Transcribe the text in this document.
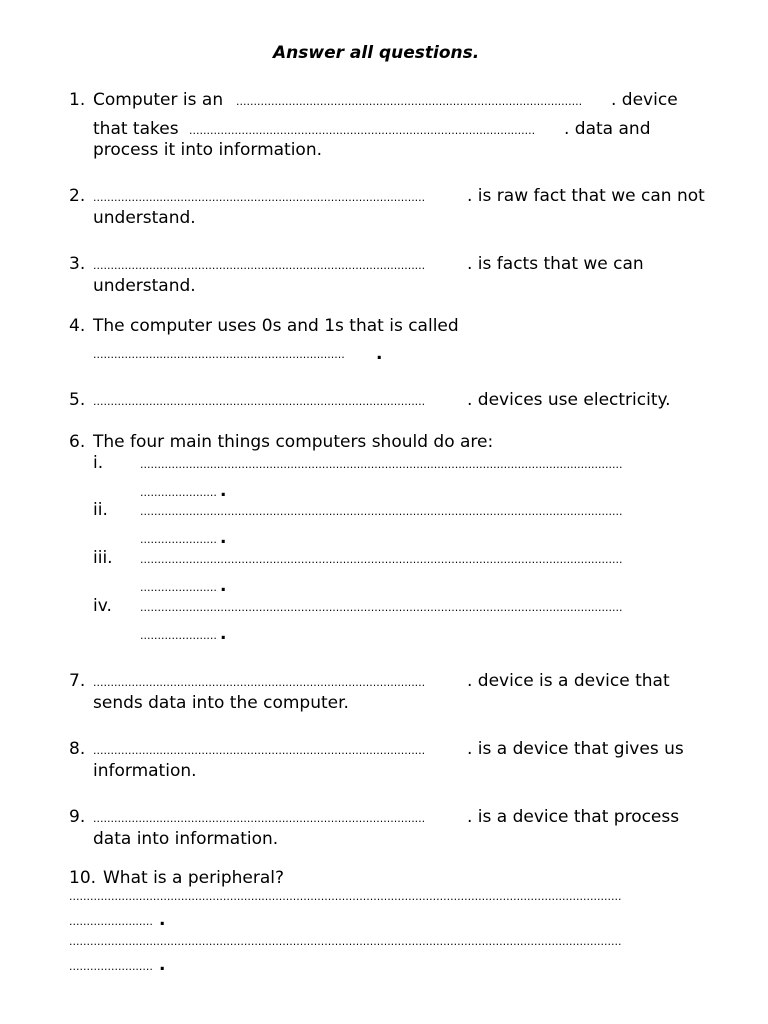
Answer all questions.
1. Computer is an ...................................................................................................	. device
that takes ...................................................................................................	. data and
process it into information.
2. ...............................................................................................	. is raw fact that we can not
understand.
3. ...............................................................................................	. is facts that we can
understand.
4. The computer uses 0s and 1s that is called
........................................................................	.
5. ...............................................................................................	. devices use electricity.
6. The four main things computers should do are:
i.	..........................................................................................................................................
...................... .
ii.	..........................................................................................................................................
...................... .
iii. ..........................................................................................................................................
...................... .
iv.	..........................................................................................................................................
...................... .
7. ...............................................................................................	. device is a device that
sends data into the computer.
8. ...............................................................................................	. is a device that gives us
information.
9. ...............................................................................................	. is a device that process
data into information.
10. What is a peripheral?
..............................................................................................................................................................
........................ .
..............................................................................................................................................................
........................ .
